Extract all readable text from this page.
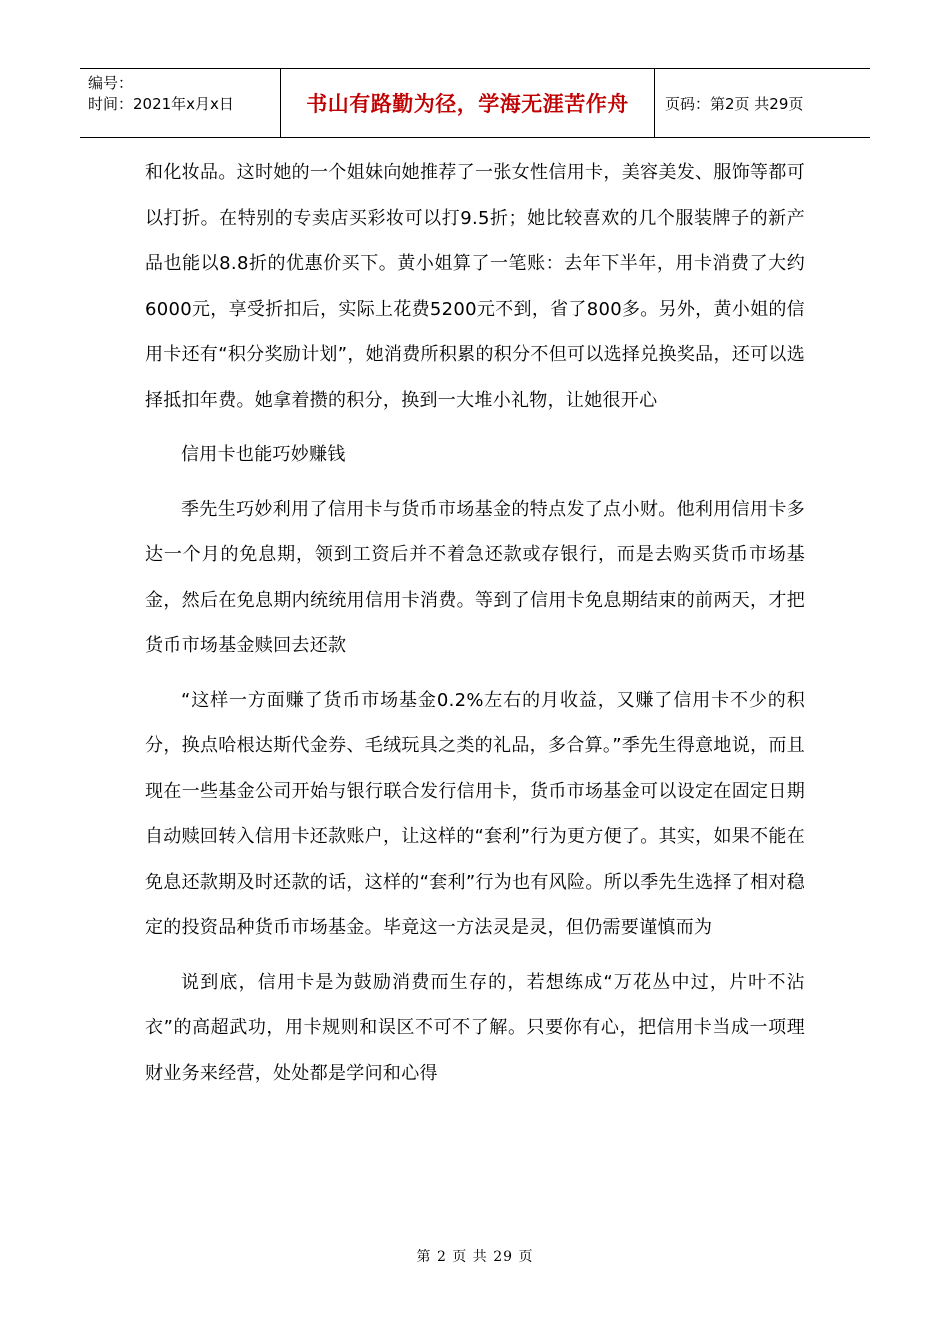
编号：
时间：2021年x月x日	书山有路勤为径，学海无涯苦作舟	页码：第2页 共29页

和化妆品。这时她的一个姐妹向她推荐了一张女性信用卡，美容美发、服饰等都可以打折。在特别的专卖店买彩妆可以打9.5折；她比较喜欢的几个服装牌子的新产品也能以8.8折的优惠价买下。黄小姐算了一笔账：去年下半年，用卡消费了大约6000元，享受折扣后，实际上花费5200元不到，省了800多。另外，黄小姐的信用卡还有“积分奖励计划”，她消费所积累的积分不但可以选择兑换奖品，还可以选择抵扣年费。她拿着攒的积分，换到一大堆小礼物，让她很开心

信用卡也能巧妙赚钱

季先生巧妙利用了信用卡与货币市场基金的特点发了点小财。他利用信用卡多达一个月的免息期，领到工资后并不着急还款或存银行，而是去购买货币市场基金，然后在免息期内统统用信用卡消费。等到了信用卡免息期结束的前两天，才把货币市场基金赎回去还款

“这样一方面赚了货币市场基金0.2%左右的月收益，又赚了信用卡不少的积分，换点哈根达斯代金券、毛绒玩具之类的礼品，多合算。”季先生得意地说，而且现在一些基金公司开始与银行联合发行信用卡，货币市场基金可以设定在固定日期自动赎回转入信用卡还款账户，让这样的“套利”行为更方便了。其实，如果不能在免息还款期及时还款的话，这样的“套利”行为也有风险。所以季先生选择了相对稳定的投资品种货币市场基金。毕竟这一方法灵是灵，但仍需要谨慎而为

说到底，信用卡是为鼓励消费而生存的，若想练成“万花丛中过，片叶不沾衣”的高超武功，用卡规则和误区不可不了解。只要你有心，把信用卡当成一项理财业务来经营，处处都是学问和心得

第 2 页 共 29 页
